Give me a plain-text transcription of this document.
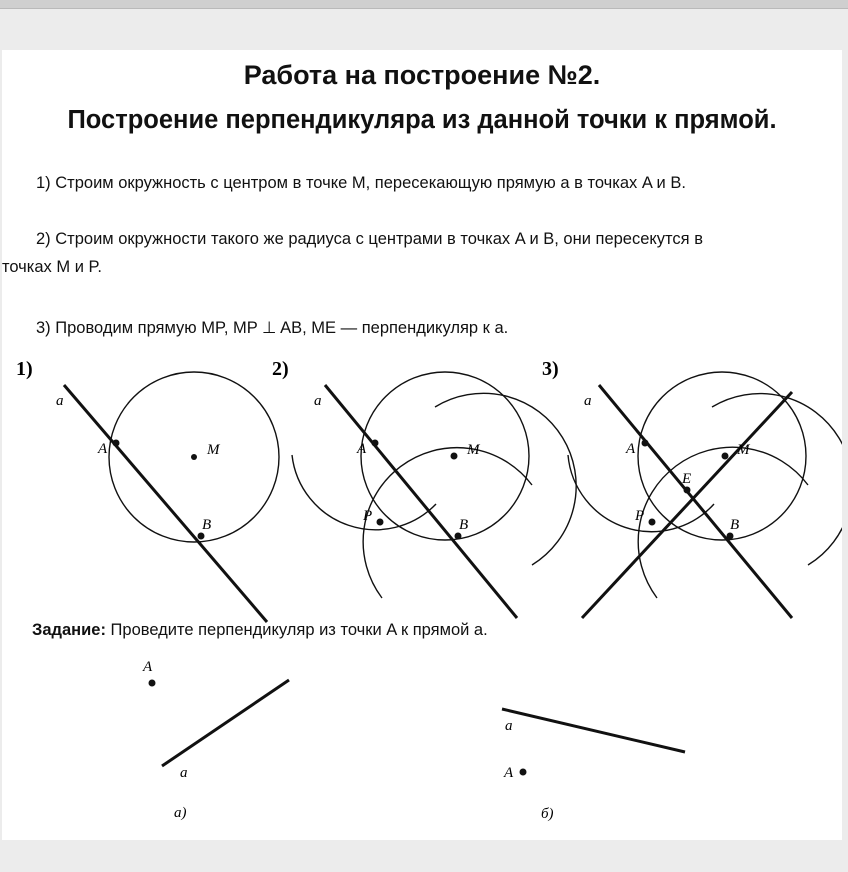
Работа на построение №2.
Построение перпендикуляра из данной точки к прямой.
1) Строим окружность с центром в точке M, пересекающую прямую a в точках A и B.
2) Строим окружности такого же радиуса с центрами в точках A и B, они пересекутся в
точках M и P.
3) Проводим прямую MP, MP ⊥ AB, ME — перпендикуляр к a.
1)	2)	3)
a
A	M
B
a
A	M
P
B
a
A	M
E
P
B
A
a
а)
a
A
б)
Задание: Проведите перпендикуляр из точки A к прямой a.
